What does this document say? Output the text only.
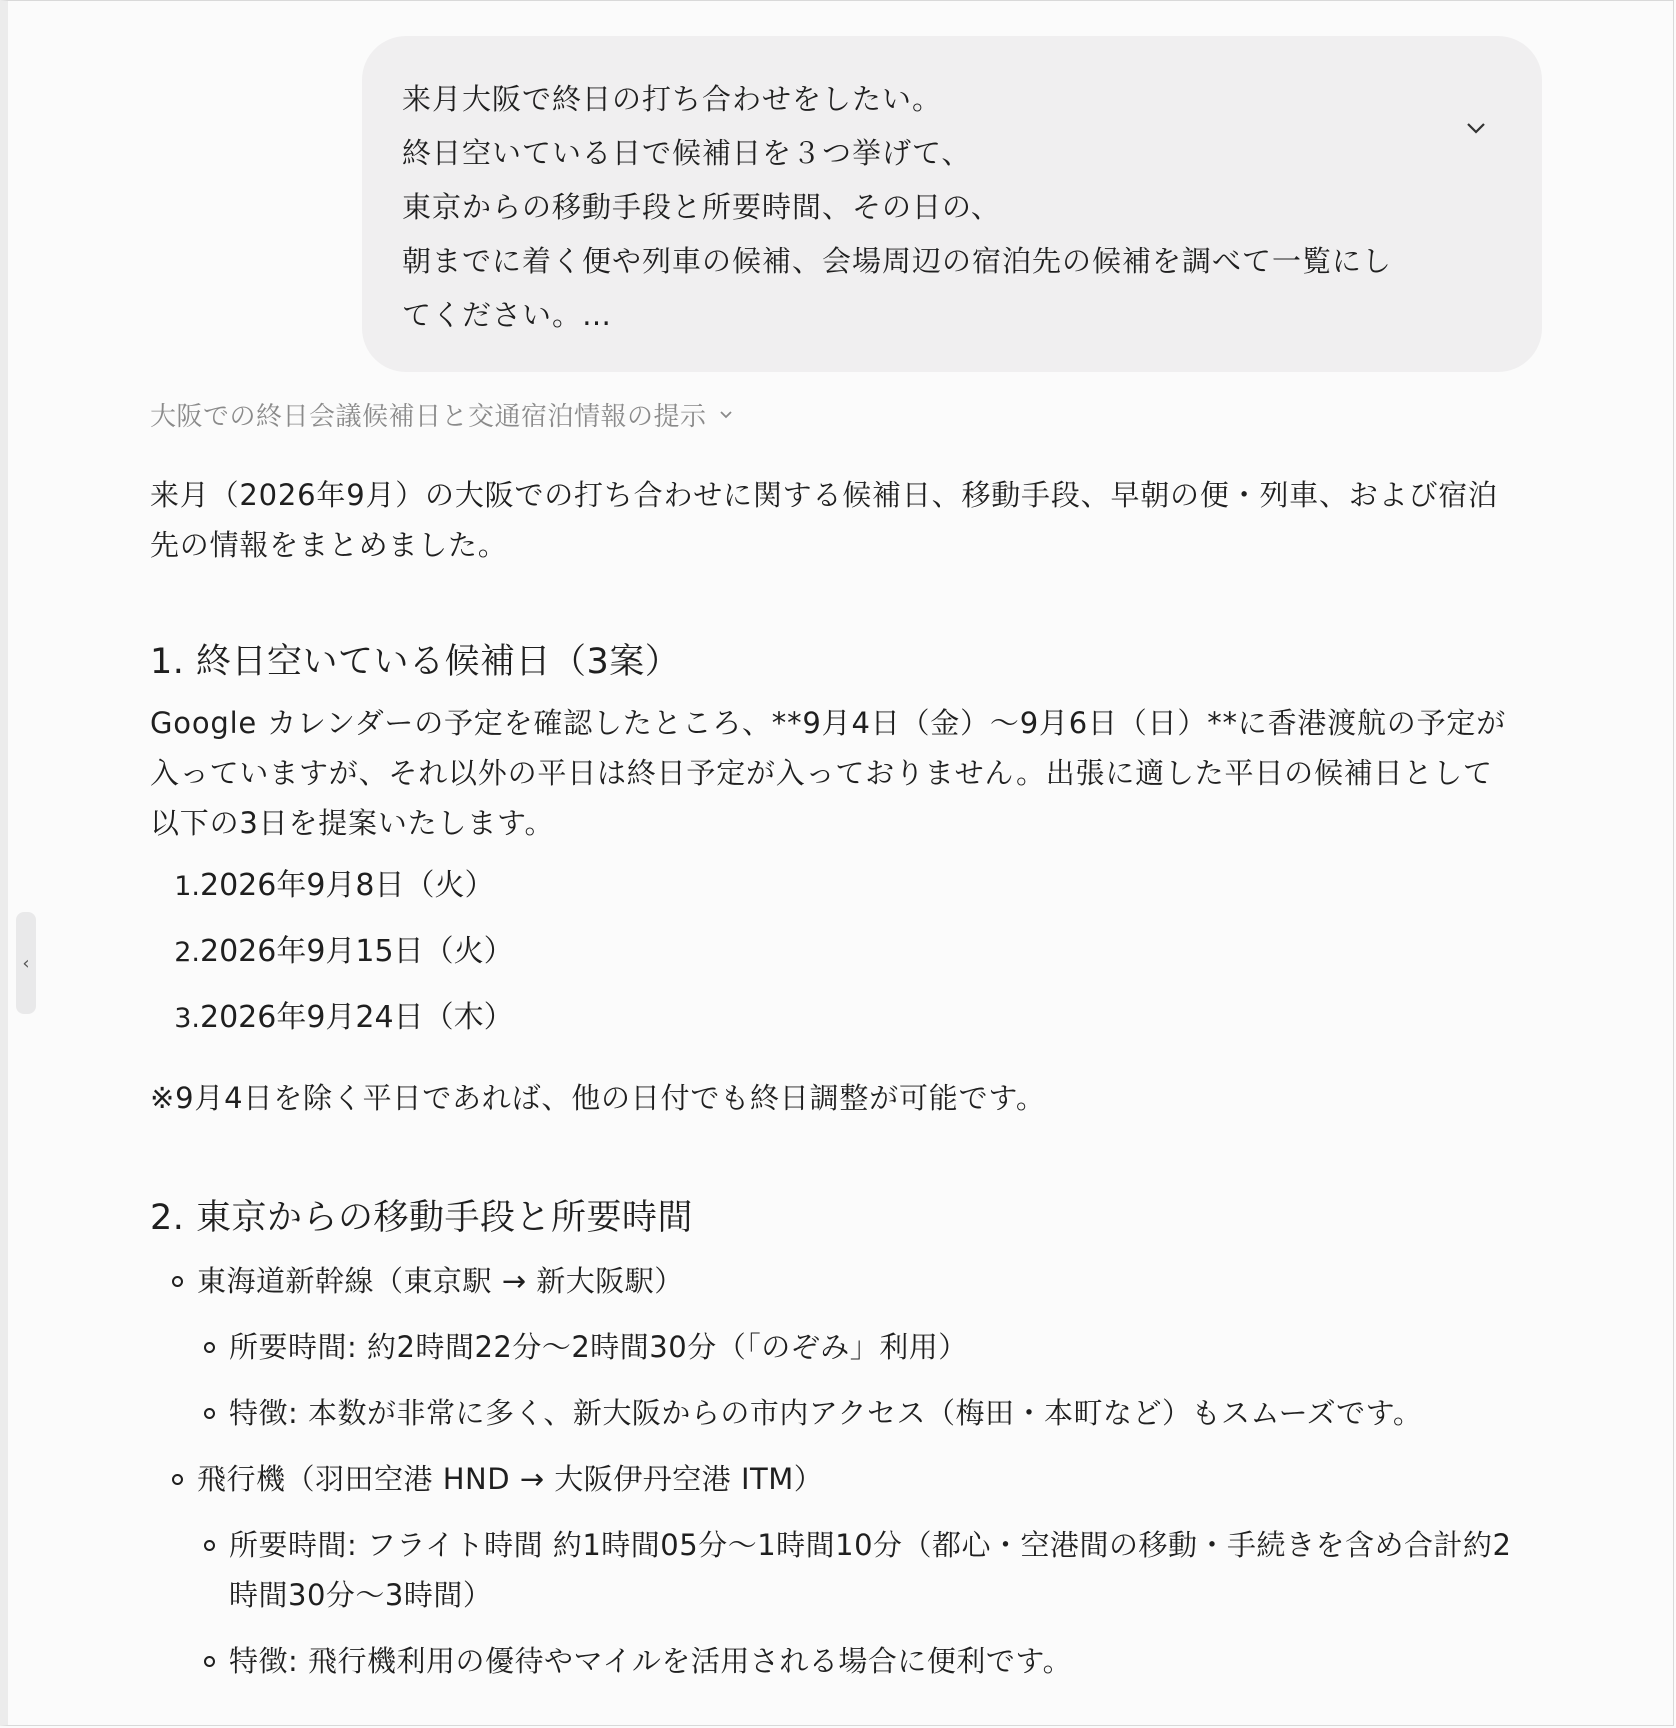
‹
来月大阪で終日の打ち合わせをしたい。
終日空いている日で候補日を３つ挙げて、
東京からの移動手段と所要時間、その日の、
朝までに着く便や列車の候補、会場周辺の宿泊先の候補を調べて一覧にし
てください。…
大阪での終日会議候補日と交通宿泊情報の提示

来月（2026年9月）の大阪での打ち合わせに関する候補日、移動手段、早朝の便・列車、および宿泊先の情報をまとめました。

1. 終日空いている候補日（3案）

Google カレンダーの予定を確認したところ、**9月4日（金）〜9月6日（日）**に香港渡航の予定が入っていますが、それ以外の平日は終日予定が入っておりません。出張に適した平日の候補日として以下の3日を提案いたします。

1. 2026年9月8日（火）
2. 2026年9月15日（火）
3. 2026年9月24日（木）
※9月4日を除く平日であれば、他の日付でも終日調整が可能です。
2. 東京からの移動手段と所要時間
東海道新幹線（東京駅 → 新大阪駅）
所要時間: 約2時間22分〜2時間30分（「のぞみ」利用）
特徴: 本数が非常に多く、新大阪からの市内アクセス（梅田・本町など）もスムーズです。
飛行機（羽田空港 HND → 大阪伊丹空港 ITM）
所要時間: フライト時間 約1時間05分〜1時間10分（都心・空港間の移動・手続きを含め合計約2時間30分〜3時間）
特徴: 飛行機利用の優待やマイルを活用される場合に便利です。
